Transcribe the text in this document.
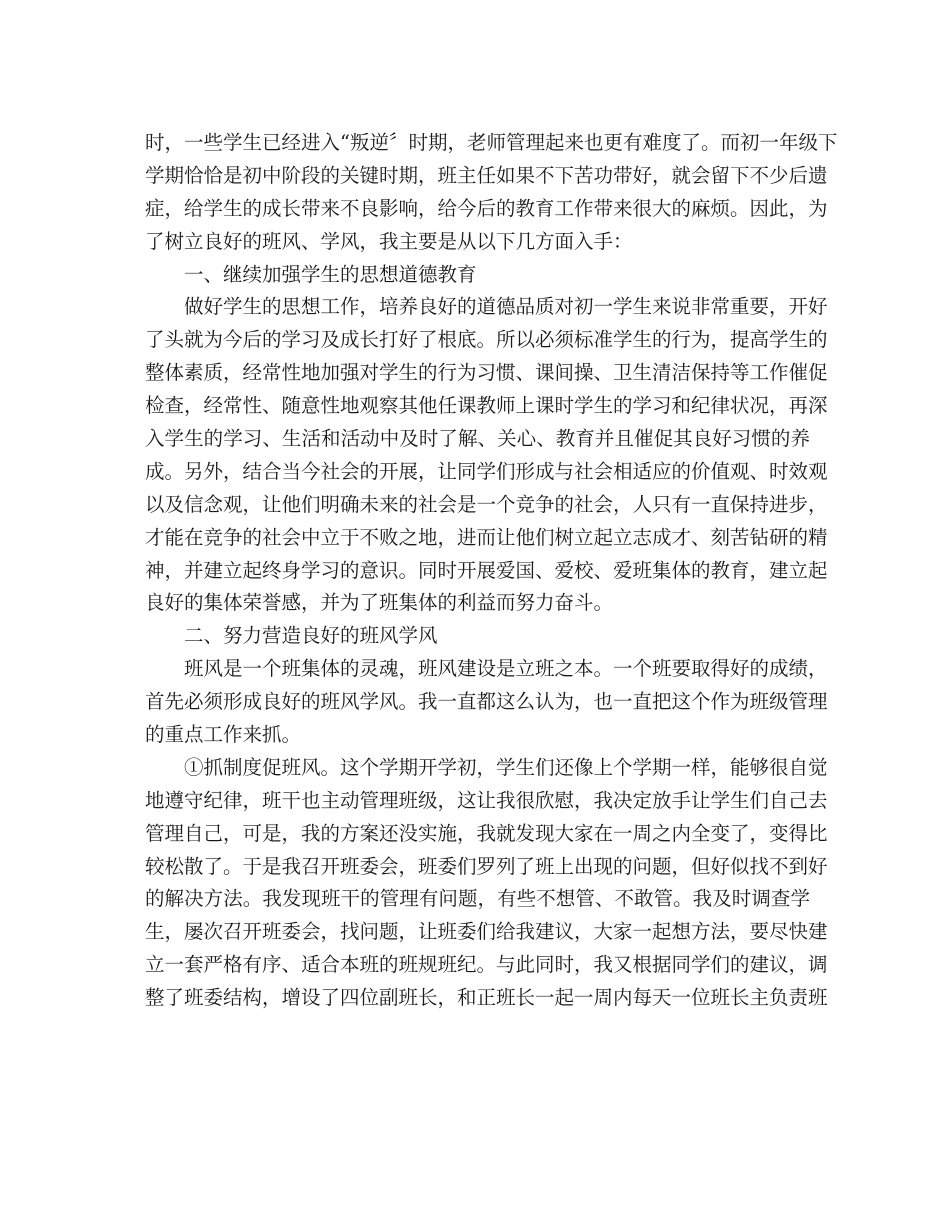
时，一些学生已经进入“叛逆〞时期，老师管理起来也更有难度了。而初一年级下
学期恰恰是初中阶段的关键时期，班主任如果不下苦功带好，就会留下不少后遗
症，给学生的成长带来不良影响，给今后的教育工作带来很大的麻烦。因此，为
了树立良好的班风、学风，我主要是从以下几方面入手：
一、继续加强学生的思想道德教育
做好学生的思想工作，培养良好的道德品质对初一学生来说非常重要，开好
了头就为今后的学习及成长打好了根底。所以必须标准学生的行为，提高学生的
整体素质，经常性地加强对学生的行为习惯、课间操、卫生清洁保持等工作催促
检查，经常性、随意性地观察其他任课教师上课时学生的学习和纪律状况，再深
入学生的学习、生活和活动中及时了解、关心、教育并且催促其良好习惯的养
成。另外，结合当今社会的开展，让同学们形成与社会相适应的价值观、时效观
以及信念观，让他们明确未来的社会是一个竞争的社会，人只有一直保持进步，
才能在竞争的社会中立于不败之地，进而让他们树立起立志成才、刻苦钻研的精
神，并建立起终身学习的意识。同时开展爱国、爱校、爱班集体的教育，建立起
良好的集体荣誉感，并为了班集体的利益而努力奋斗。
二、努力营造良好的班风学风
班风是一个班集体的灵魂，班风建设是立班之本。一个班要取得好的成绩，
首先必须形成良好的班风学风。我一直都这么认为，也一直把这个作为班级管理
的重点工作来抓。
①抓制度促班风。这个学期开学初，学生们还像上个学期一样，能够很自觉
地遵守纪律，班干也主动管理班级，这让我很欣慰，我决定放手让学生们自己去
管理自己，可是，我的方案还没实施，我就发现大家在一周之内全变了，变得比
较松散了。于是我召开班委会，班委们罗列了班上出现的问题，但好似找不到好
的解决方法。我发现班干的管理有问题，有些不想管、不敢管。我及时调查学
生，屡次召开班委会，找问题，让班委们给我建议，大家一起想方法，要尽快建
立一套严格有序、适合本班的班规班纪。与此同时，我又根据同学们的建议，调
整了班委结构，增设了四位副班长，和正班长一起一周内每天一位班长主负责班
